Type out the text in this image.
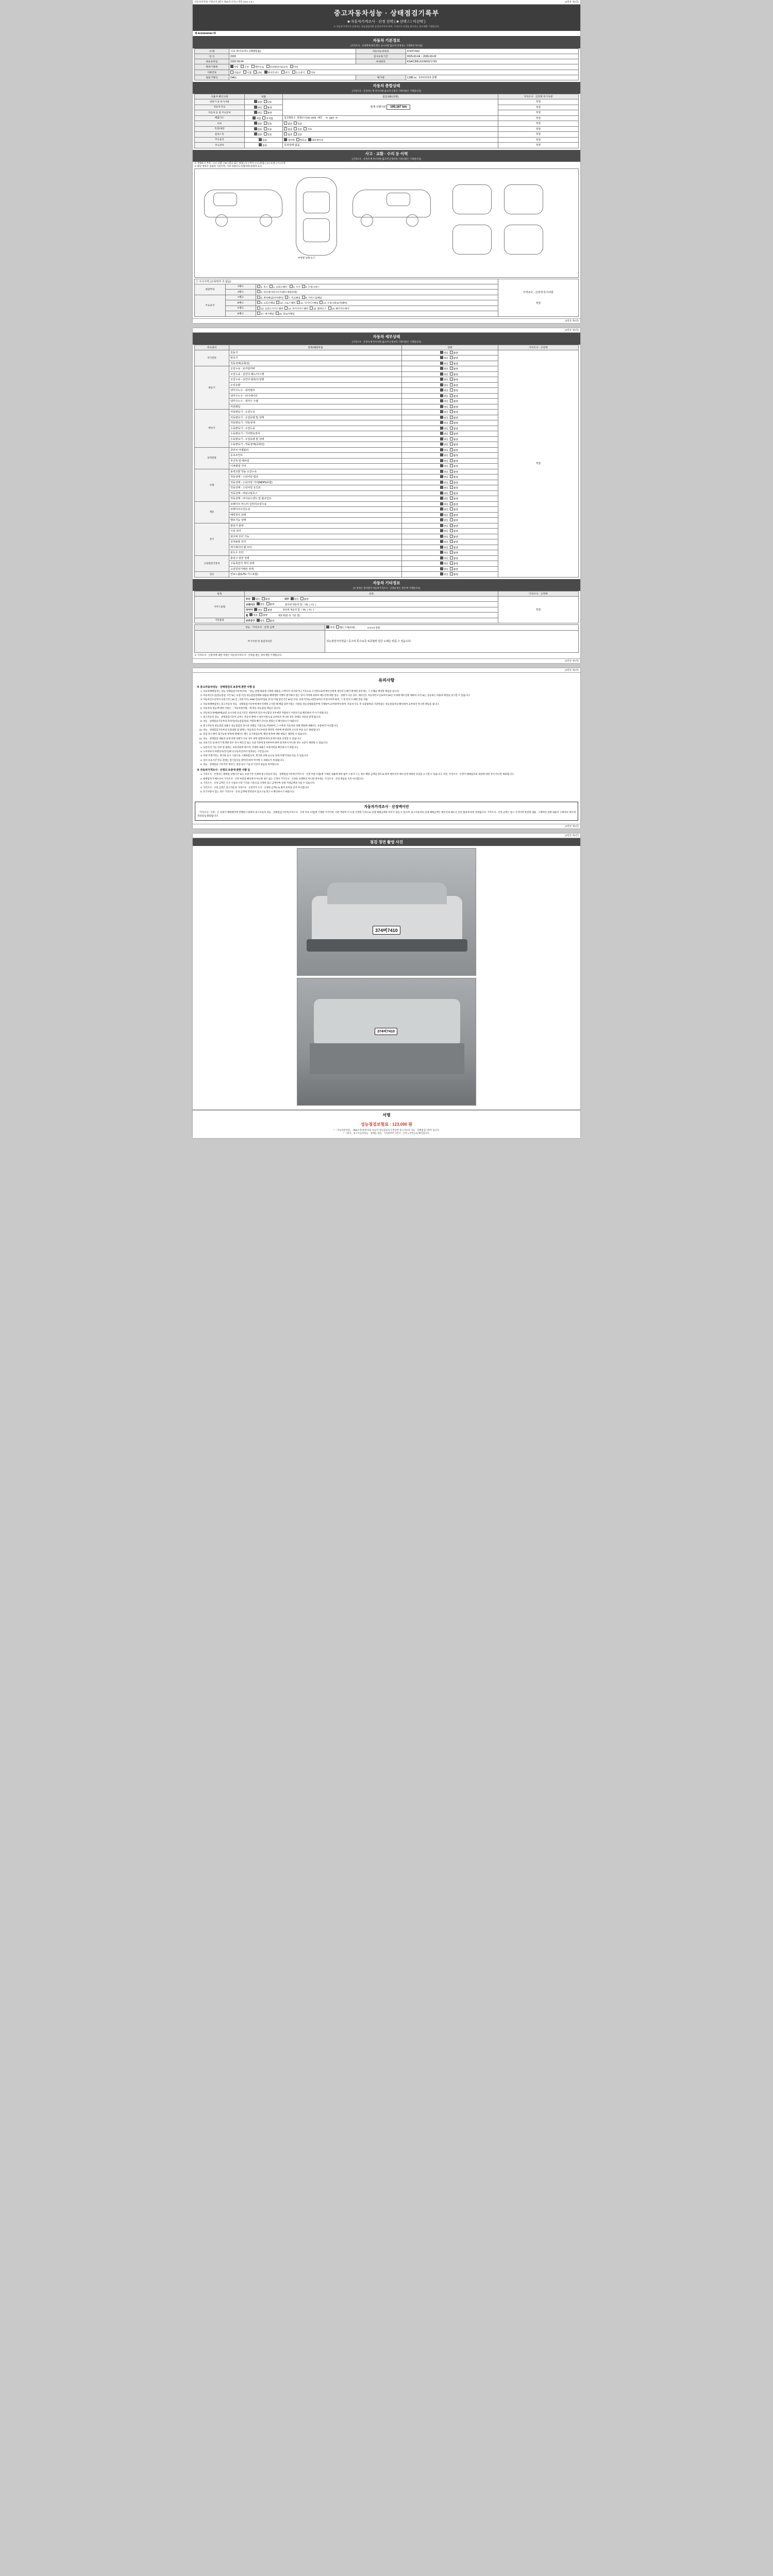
자동차관리법 시행규칙 [별지 제82호서식] <개정 2021.1.5.>	(3면중 제1면)
중고자동차성능 · 상태점검기록부
■ 자동차가격조사 · 산정 선택 ( ■ 선택 / □ 미선택 )
※ 자동차가격조사·산정자는 성능점검자와 동일인이어야 하며, 가격조사·산정을 받으려는 경우에만 기재합니다.
제 B22560HD6K7호
자동차 기본정보
(가격조사 · 산정액에 따라 별도 표시사항 없으며 산정자는 기재하지 아니함)
차 명	니로 하이브리드 (에벤임올)	자동차등록번호	374버7410
연 식	2022	검사유효기간	2025-03-04 ~ 2026-03-03
최초등록일	2022-03-04	차대번호	KNACB81GXN0021765
변속기종류	자동 수동 세미오토 무단변속기(CVT) 기타		
사용연료	가솔린 디젤 LPG 하이브리드 전기 수소전기 기타		
원동기형식	GALL	배기량	1,580 cc 0 0 0 0 0 0 선행
자동차 종합상태
(가격조사 · 산정자는 별 특이사항 없으며 산정자 기재사항은 기재합니다)
사용자 확인사항	내용	점검내용(상태)	가격조사 · 산정액 특기사항
전반기 및 특기사항	없음 있음	현재 주행거리 100,167 km	적정
자동차 주요	양호 불량		적정
자동차 등 및 주요장치	양호 불량		적정
배출가스	적합 부적합	일산화탄소 탄화수소(HC-200) 매연   % ppm %	적정
터보	없음 있음	없음 있음	적정
특장/내장	없음 있음	없음 있음 기타	적정
플라스틱	없음 있음	없음 있음	적정
주요옵션	있음	에어백 썬루프 내비게이션	적정
주요장치	없음	특장상태 없음	적정
사고 · 교환 · 수리 등 이력
(가격조사 · 산정자 별 특이사항 없으며 산정자의 기재사항은 기재합니다)
※ 상태표시 부호 : ( X ) 교환, ( W ) 판금 또는 용접, ( C ) 부식, ( A ) 흠집, ( U ) 요철, ( T ) 손상
※ 하단 항목은 승용차 기준이며, 기타 차종이나 승합차에 준하여 표시
부위별 상태 표기
① 사고이력 (교차/외부 측 없음)			가격조사 · 산정액 특기사항
적정

외판부위	1랭크	1. 후드 2. 프론트펜더 3. 도어 4. 트렁크리드	
	2랭크	5. 라디에이터서포트(볼트체결부품)	
주요골격	A랭크	6. 쿼터패널(리어펜더) 7. 루프패널 8. 사이드실패널	
	B랭크	9. 프론트패널 10. 크로스멤버 11. 인사이드패널 12. 트렁크플로어(멤버)	
	C랭크	13. 프론트사이드멤버 14. 리어사이드멤버 15. 휠하우스 16. 패키지트레이	
	D랭크	17. 대시패널 18. 플로어패널	

(3면중 제1면)

(3면중 제1면)
자동차 세부상태
(가격조사 · 산정자 별 특이사항 없으며 산정자의 기재사항은 기재합니다)
주요장치	항목/해당부품	상태	가격조사 · 산정액
자기진단	원동기	양호 불량	적정
	변속기	양호 불량	
	작동상태(공회전)	양호 불량	
원동기	오일누유 - 로커암커버	양호 불량	
	오일누유 - 실린더 헤드/가스켓	양호 불량	
	오일누유 - 실린더 블록/오일팬	양호 불량	
	오일유량	양호 불량	
	냉각수누수 - 워터펌프	양호 불량	
	냉각수누수 - 라디에이터	양호 불량	
	냉각수누수 - 냉각수 수량	양호 불량	
	커먼레일	양호 불량	
변속기	자동변속기 - 오일누유	양호 불량	
	자동변속기 - 오일유량 및 상태	양호 불량	
	자동변속기 - 작동상태	양호 불량	
	수동변속기 - 오일누유	양호 불량	
	수동변속기 - 기어변속장치	양호 불량	
	수동변속기 - 오일유량 및 상태	양호 불량	
	수동변속기 - 작동상태(공회전)	양호 불량	
동력전달	클러치 어셈블리	양호 불량	
	등속조인트	양호 불량	
	추진축 및 베어링	양호 불량	
	디퍼렌셜 기어	양호 불량	
조향	동력조향 작동 오일누유	양호 불량	
	작동상태 - 스티어링 펌프	양호 불량	
	작동상태 - 스티어링 기어(MDPS포함)	양호 불량	
	작동상태 - 스티어링 조인트	양호 불량	
	작동상태 - 파워고압호스	양호 불량	
	작동상태 - 타이로드엔드 및 볼조인트	양호 불량	
제동	브레이크 마스터 실린더오일누유	양호 불량	
	브레이크오일누유	양호 불량	
	배력장치 상태	양호 불량	
	밸브기능 상태	양호 불량	
전기	발전기 출력	양호 불량	
	시동 모터	양호 불량	
	와이퍼 모터 기능	양호 불량	
	실내송풍 모터	양호 불량	
	라디에이터 팬 모터	양호 불량	
	윈도우 모터	양호 불량	
고전원전기장치	충전구 절연 상태	양호 불량	
	구동축전지 격리 상태	양호 불량	
	고전원전기배선 상태	양호 불량	
연료	연료누출(LPG·가스포함)	양호 불량	
자동차 기타정보
(※ 항목은 총사항의 자동차가격조사 · 산정을 받는 경우에 기재합니다)
항목	상태	가격조사 · 산정액
사이드슬립	유리 양호 불량 내부 양호 불량	적정

	브레이크 양호 불량 앞바퀴 제동력 합 / 좌(  ) 우(  )	
	타이어 양호 불량 뒷바퀴 제동력 합 / 좌(  ) 우(  )	
	휠 양호 불량 제동력(앞·뒤 기준 합)	
기본품목	보유공구 양호 불량	
성능 · 가격조사 · 산정 금액	적정 별도기재(아래) 0 0 0 0 만원
특기사항 및 점검자의견	성능점검자의견을 / 중고차 특수보증 보증범위 원금 도래은 만큼 수 있습니다.
※ 가격조사 · 산정자에 대한 사항은 자동차가격조사 · 산정을 받는 경우에만 기재합니다.

(3면중 제1면)

(3면중 제1면)
유의사항
※ 중고자동차성능 · 상태점검의 보증에 관한 사항 등
1. 자동차매매업자는 성능·상태점검기록부(이하 「성능·상태 제외에 기재한 내용을 고객이지 아니하거나 거짓으로 고지할으로써 매수인에게 재산상 손해가 발생한 경우에는 그 손해를 배상할 책임을 집니다.
2. 자동차인도일(성능점검 기간 또는 보증기간) 성능점검상태와 내용을 매매계약 이행이 불가하다 있는 당사 이력에 의하여 매도인에 대한 성능 · 상태가 다른 경우, 매수인은 자동차인도일로부터 30일 이내에 매도인에 대하여 수리 또는 상응하는 비용의 배상을 청구할 수 있습니다.
3. 자동차인도일부터 보증기간 ( 30 일 , 보증거리 ( 2000 킬로미터)로 본다) 이내 당일기간 30일 이상, 보증거리로 2천킬로미터 이상이어야 하며, 그 중 먼저 도래한 것을 적용.
4. 자동차매매업자는 중고자동차 성능 · 상태점검기록부에 매수인에게 고지할 때 행함 의무가있는 사항을 성능상태점검부에 기재하여 교부하여야 하며, 자동차 인도 후 보증범위의 기준하였는 성능점검자의 확인하여 교부하지 아니한 책임을 집니다.
5. 자동차의 성능에 대한 사항은 「자동차관리법」에 따른 성능점검 책임은 집니다.
6. 자동차의 판매(매매)보증 표시사항 유효기간은 정하여져 있지 아니함의 경우에만 적용하기 어려우므로 확인하여 주시기 바랍니다.
7. 중고자동차 성능 · 상태점검기록부 교부는 자동차 판매 시 필수사항으로 교부하지 아니한 경우 과태료 처분을 받게 됩니다.
8. 성능 · 상태점검기록부의 작성자(성능점검자)의 서명과 확인 날인을 받았는지 확인하시기 바랍니다.
9. 중고자동차 성능점검 내용은 성능점검일 당시의 상태를 기준으로 작성하며, 그 이후의 자동차의 상태 변화에 대해서는 보증하지 아니합니다.
10. 성능 · 상태점검기록부의 보증내용 및 범위는 자동차의 주요부분과 관련된 사항에 한정되며 소모성 부품 등은 제외됩니다.
11. 점검 당시 확인 불가능한 항목에 대해서는 별도 표기하였으며, 해당 항목에 대한 책임은 제한될 수 있습니다.
12. 성능 · 상태점검 내용과 실제 차량 상태가 다른 경우 관련 법령에 따라 분쟁조정을 신청할 수 있습니다.
13. 보증기간 내 하자가 발생한 경우 즉시 매도인 또는 보증기관에 통지하여야 하며 통지하지 아니한 경우 보증이 제한될 수 있습니다.
1. 보증수리 가능 여부 및 범위는 보증약관에 따르며, 자세한 내용은 보증약관을 확인하시기 바랍니다.
2. 노후차보다 차량연수(연식)에 신규등록일부터 경과되는 기간입니다.
3. 차량 주행거리는 계기판 표시 기준으로 기재하였으며, 계기판 교체 등으로 실제 주행거리와 다를 수 있습니다.
4. 검사 유효기간 만료 전에는 정기검사를 받아야 하며 미이행 시 과태료가 부과됩니다.
5. 성능 · 상태점검 기록부상 '양호'는 점검 당시 기능상 이상이 없음을 의미합니다.
※ 자동차가격조사 · 산정의 보증에 관한 사항 등
1. 가격조사 · 산정이는 매매업 실행기간 또는 보증기간 이내에 중고자동차 성능 · 상태점검기록부(가격조사 · 산정 부분 포함)에 기재된 내용에 따라 많이 소통가 드는 경우 해당 금액을 한도로 하여 매수인이 매도인에 대하여 보상을 요구할 수 있습니다. 다만, 가격조사 · 산정이 매매업자의 과실에 의한 것이 아니면 제외합니다.
2. 매매업자가 매수인이 가격조사 · 산정 부분을 확인하지 아니한 경우 또는 고객이 가격조사 · 산정을 선택하지 아니한 경우에는 가격조사 · 산정 책임을 지지 아니합니다.
3. 가격조사 · 산정 금액은 조사 시점의 시장 가격을 기준으로 산정한 참고 금액이며 실제 거래금액과 다를 수 있습니다.
4. 가격조사 · 산정 금액은 중고자동차 가격조사 · 산정자가 조사 · 산정한 금액으로 법적 효력을 갖지 아니합니다.
5. 특기사항이 있는 경우 가격조사 · 산정 금액에 반영되어 있으므로 반드시 확인하시기 바랍니다.
자동차가격조사 · 산정액이안
「가격조사 · 산정」은 실제가 매매계약에 진행하기 위하여 중고자동차 성능 · 상태점검기록부(가격조사 · 산정 부분 포함)에 기재한 가격이며, 다만 객관적 조사 및 산정한 가격으로 실제 매매금액과 차이가 있을 수 있으며, 중고자동차의 실제 매매금액은 매수인과 매도인 간의 협의에 따라 결정됩니다. 가격조사 · 산정 금액은 참고 가격이며 완전한 내용 · 구체적인 설명 내용이 구매자의 경우에 결과되로 활용됩니다.

(3면중 제1면)

(3면중 제1면)
점검 정면 촬영 사진
374버7410
374버7410
서명
성능점검보험료 : 123,090 원
* 「자동차관리법」 제58조제 항에 따라 자동차 성능점검자가 발급한 중고자동차 성능 · 상태점검기록부 입니다.
* 〔별지〕중고자동차성능 · 상태를 점검 · 기록하여주시면서 · 산정 1 부만으로 확인합니다.
